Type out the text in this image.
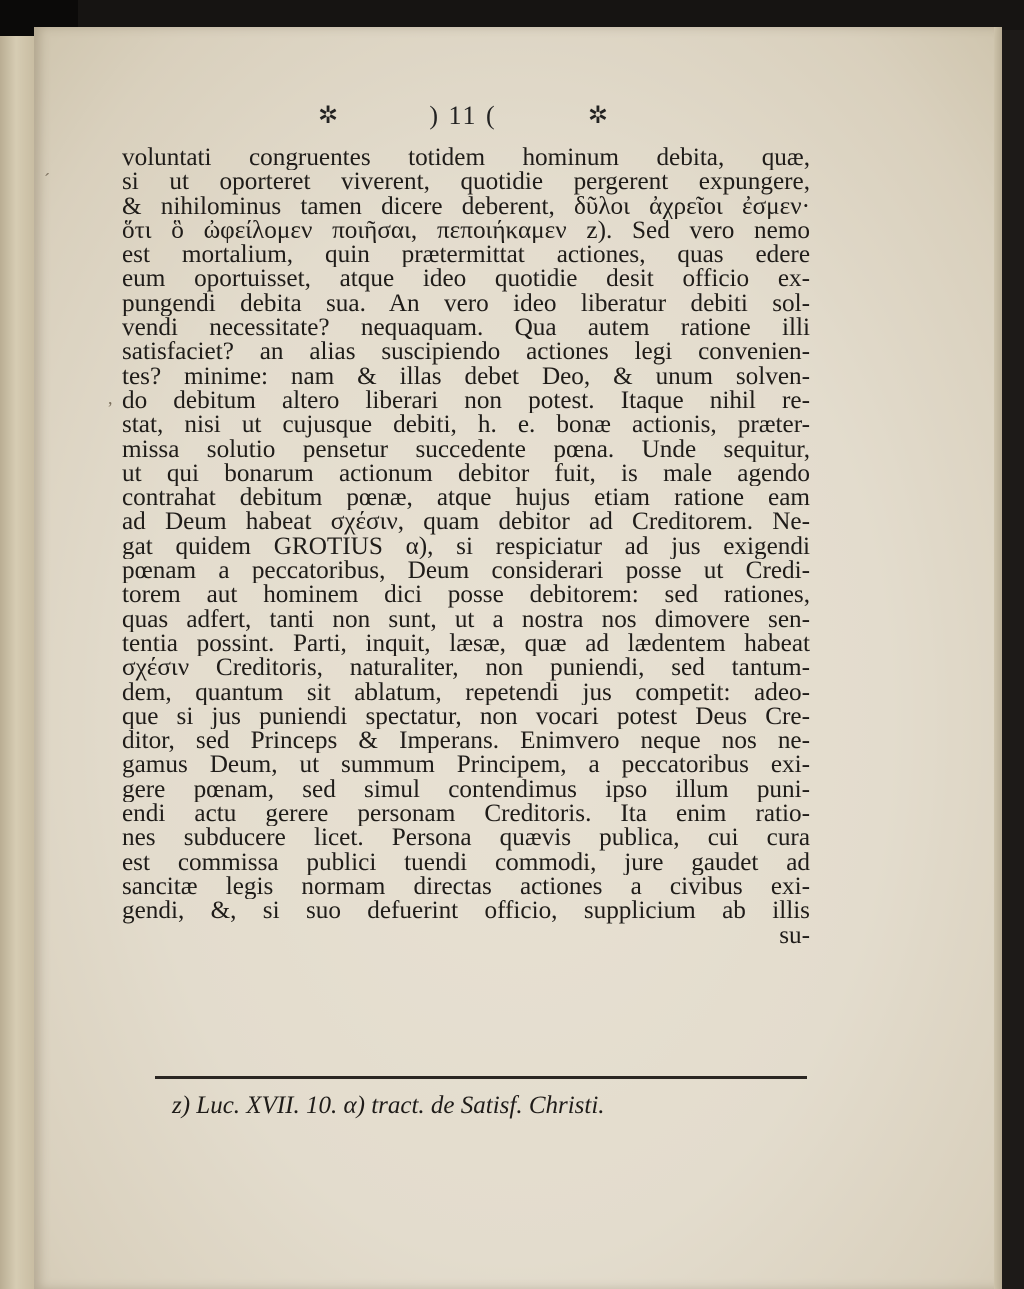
✲	) 11 (	✲
voluntati congruentes totidem hominum debita, quæ,
si ut oporteret viverent, quotidie pergerent expungere,
& nihilominus tamen dicere deberent, δῦλοι ἀχρεῖοι ἐσμεν·
ὅτι ὃ ὠφείλομεν ποιῆσαι, πεποιήκαμεν z). Sed vero nemo
est mortalium, quin prætermittat actiones, quas edere
eum oportuisset, atque ideo quotidie desit officio ex-
pungendi debita sua. An vero ideo liberatur debiti sol-
vendi necessitate? nequaquam. Qua autem ratione illi
satisfaciet? an alias suscipiendo actiones legi convenien-
tes? minime: nam & illas debet Deo, & unum solven-
do debitum altero liberari non potest. Itaque nihil re-
stat, nisi ut cujusque debiti, h. e. bonæ actionis, præter-
missa solutio pensetur succedente pœna. Unde sequitur,
ut qui bonarum actionum debitor fuit, is male agendo
contrahat debitum pœnæ, atque hujus etiam ratione eam
ad Deum habeat σχέσιν, quam debitor ad Creditorem. Ne-
gat quidem GROTIUS α), si respiciatur ad jus exigendi
pœnam a peccatoribus, Deum considerari posse ut Credi-
torem aut hominem dici posse debitorem: sed rationes,
quas adfert, tanti non sunt, ut a nostra nos dimovere sen-
tentia possint. Parti, inquit, læsæ, quæ ad lædentem habeat
σχέσιν Creditoris, naturaliter, non puniendi, sed tantum-
dem, quantum sit ablatum, repetendi jus competit: adeo-
que si jus puniendi spectatur, non vocari potest Deus Cre-
ditor, sed Princeps & Imperans. Enimvero neque nos ne-
gamus Deum, ut summum Principem, a peccatoribus exi-
gere pœnam, sed simul contendimus ipso illum puni-
endi actu gerere personam Creditoris. Ita enim ratio-
nes subducere licet. Persona quævis publica, cui cura
est commissa publici tuendi commodi, jure gaudet ad
sancitæ legis normam directas actiones a civibus exi-
gendi, &, si suo defuerint officio, supplicium ab illis
su-
z) Luc. XVII. 10. α) tract. de Satisf. Christi.
ˊ
,
